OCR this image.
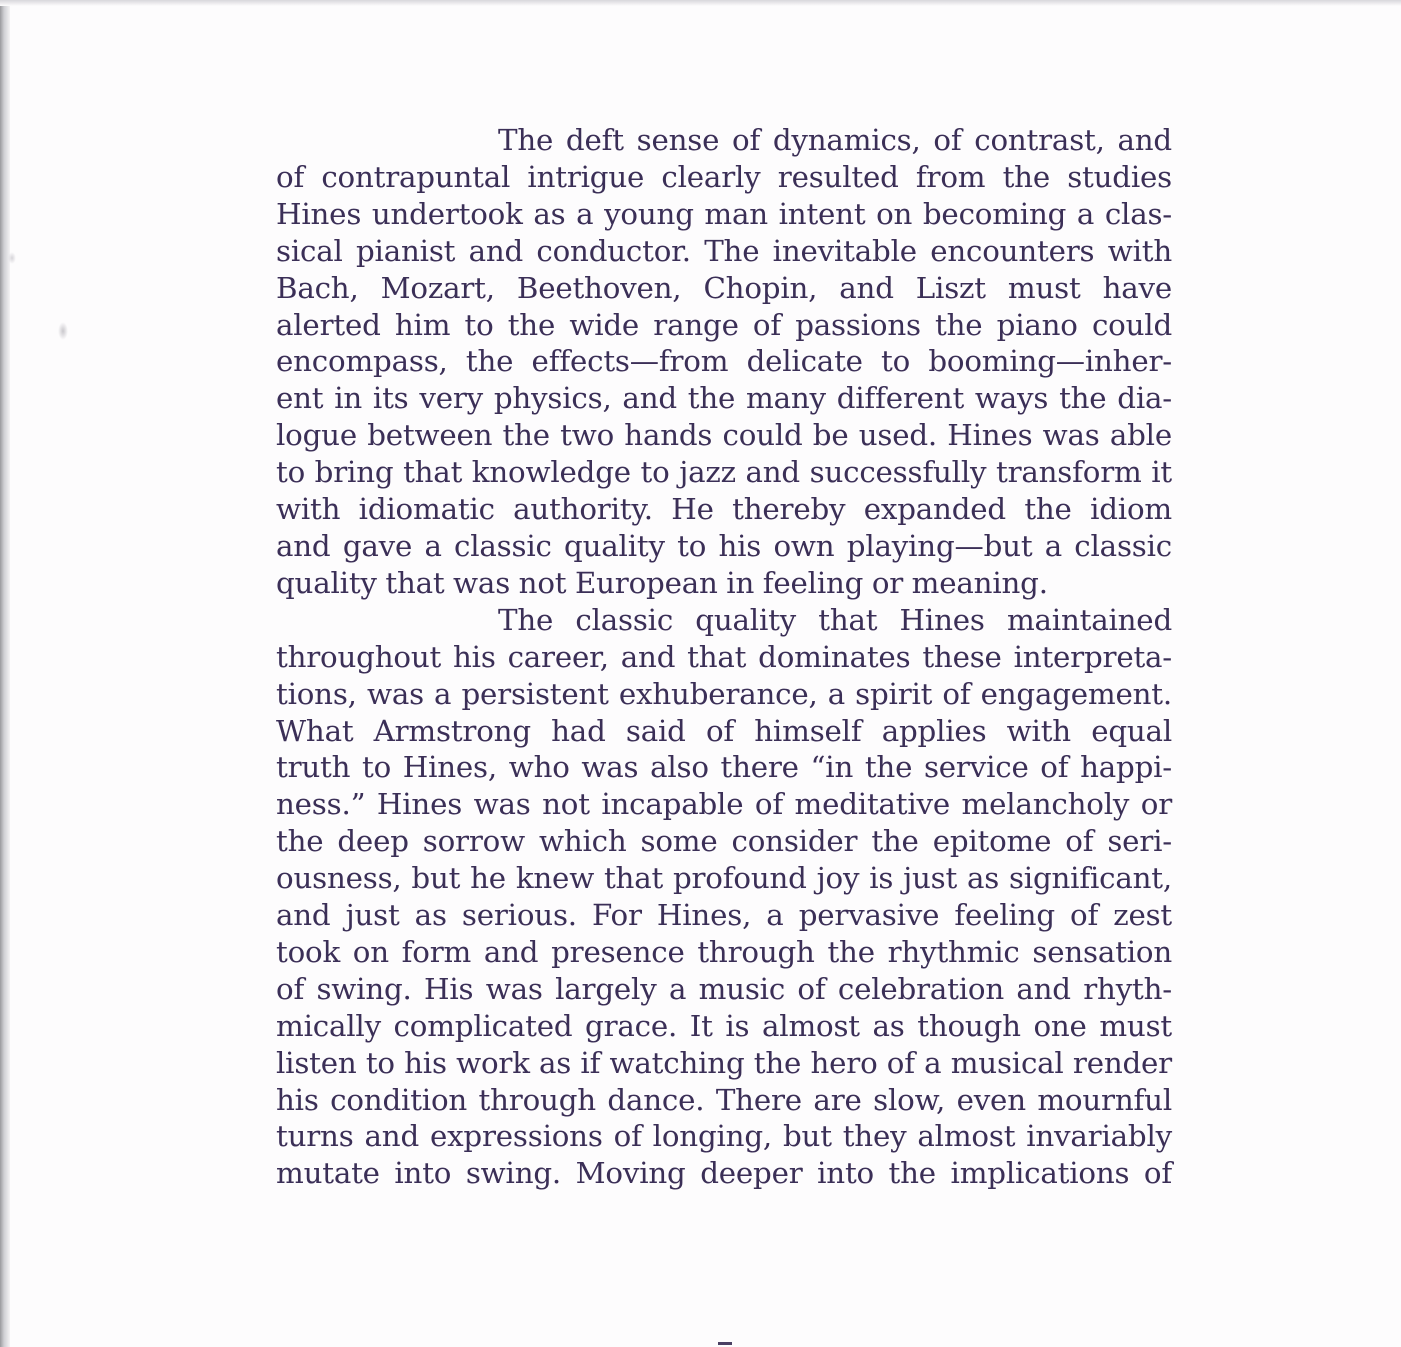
The deft sense of dynamics, of contrast, and
of contrapuntal intrigue clearly resulted from the studies
Hines undertook as a young man intent on becoming a clas-
sical pianist and conductor. The inevitable encounters with
Bach, Mozart, Beethoven, Chopin, and Liszt must have
alerted him to the wide range of passions the piano could
encompass, the effects—from delicate to booming—inher-
ent in its very physics, and the many different ways the dia-
logue between the two hands could be used. Hines was able
to bring that knowledge to jazz and successfully transform it
with idiomatic authority. He thereby expanded the idiom
and gave a classic quality to his own playing—but a classic
quality that was not European in feeling or meaning.
The classic quality that Hines maintained
throughout his career, and that dominates these interpreta-
tions, was a persistent exhuberance, a spirit of engagement.
What Armstrong had said of himself applies with equal
truth to Hines, who was also there “in the service of happi-
ness.” Hines was not incapable of meditative melancholy or
the deep sorrow which some consider the epitome of seri-
ousness, but he knew that profound joy is just as significant,
and just as serious. For Hines, a pervasive feeling of zest
took on form and presence through the rhythmic sensation
of swing. His was largely a music of celebration and rhyth-
mically complicated grace. It is almost as though one must
listen to his work as if watching the hero of a musical render
his condition through dance. There are slow, even mournful
turns and expressions of longing, but they almost invariably
mutate into swing. Moving deeper into the implications of
